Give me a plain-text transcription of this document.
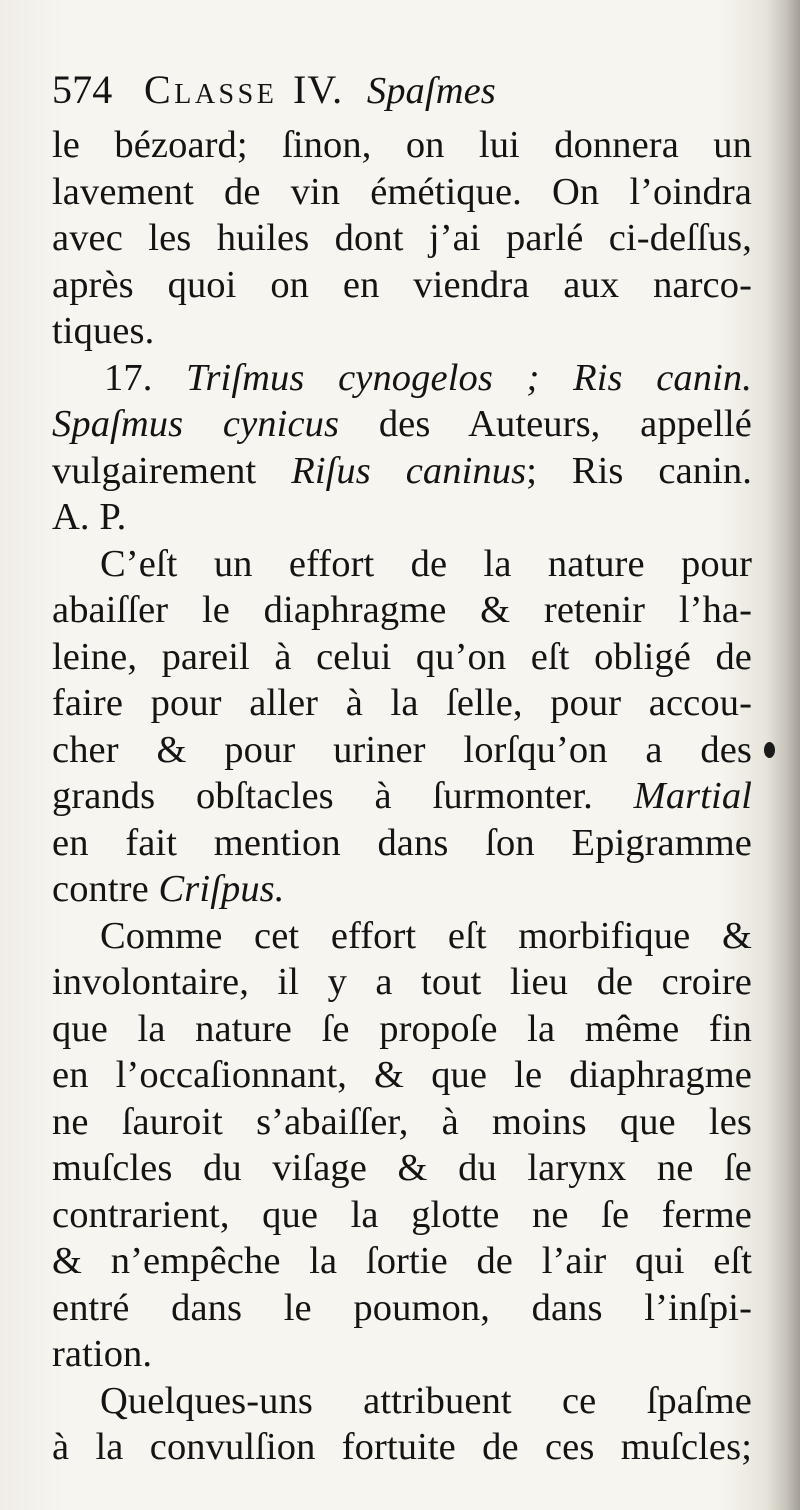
574 Classe IV. Spaſmes
le bézoard; ſinon, on lui donnera un
lavement de vin émétique. On l’oindra
avec les huiles dont j’ai parlé ci-deſſus,
après quoi on en viendra aux narco-
tiques.
17. Triſmus cynogelos ; Ris canin.
Spaſmus cynicus des Auteurs, appellé
vulgairement Riſus caninus; Ris canin.
A. P.
C’eſt un effort de la nature pour
abaiſſer le diaphragme & retenir l’ha-
leine, pareil à celui qu’on eſt obligé de
faire pour aller à la ſelle, pour accou-
cher & pour uriner lorſqu’on a des
grands obſtacles à ſurmonter. Martial
en fait mention dans ſon Epigramme
contre Criſpus.
Comme cet effort eſt morbifique &
involontaire, il y a tout lieu de croire
que la nature ſe propoſe la même fin
en l’occaſionnant, & que le diaphragme
ne ſauroit s’abaiſſer, à moins que les
muſcles du viſage & du larynx ne ſe
contrarient, que la glotte ne ſe ferme
& n’empêche la ſortie de l’air qui eſt
entré dans le poumon, dans l’inſpi-
ration.
Quelques-uns attribuent ce ſpaſme
à la convulſion fortuite de ces muſcles;
